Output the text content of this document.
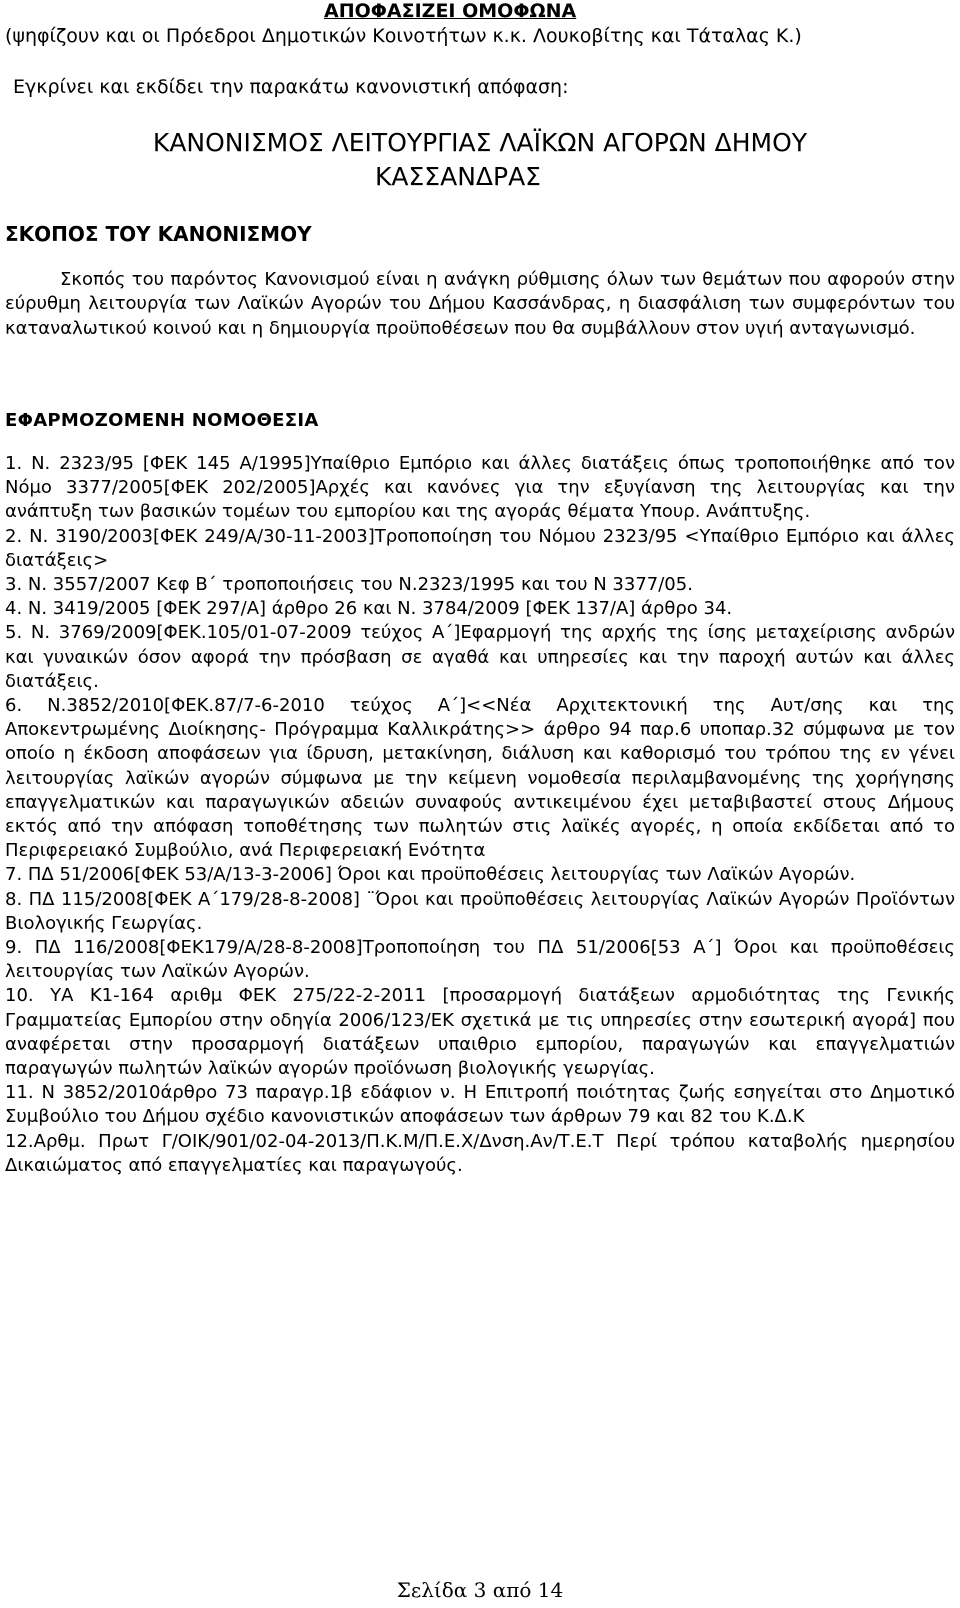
ΑΠΟΦΑΣΙΖΕΙ ΟΜΟΦΩΝΑ
(ψηφίζουν και οι Πρόεδροι Δημοτικών Κοινοτήτων κ.κ. Λουκοβίτης και Τάταλας Κ.)
Εγκρίνει και εκδίδει την παρακάτω κανονιστική απόφαση:
ΚΑΝΟΝΙΣΜΟΣ ΛΕΙΤΟΥΡΓΙΑΣ ΛΑΪΚΩΝ ΑΓΟΡΩΝ ΔΗΜΟΥ
ΚΑΣΣΑΝΔΡΑΣ
ΣΚΟΠΟΣ ΤΟΥ ΚΑΝΟΝΙΣΜΟΥ
Σκοπός του παρόντος Κανονισμού είναι η ανάγκη ρύθμισης όλων των θεμάτων που αφορούν στην εύρυθμη λειτουργία των Λαϊκών Αγορών του Δήμου Κασσάνδρας, η διασφάλιση των συμφερόντων του καταναλωτικού κοινού και η δημιουργία προϋποθέσεων που θα συμβάλλουν στον υγιή ανταγωνισμό.
ΕΦΑΡΜΟΖΟΜΕΝΗ ΝΟΜΟΘΕΣΙΑ

1. Ν. 2323/95 [ΦΕΚ 145 Α/1995]Υπαίθριο Εμπόριο και άλλες διατάξεις όπως τροποποιήθηκε από τον Νόμο 3377/2005[ΦΕΚ 202/2005]Αρχές και κανόνες για την εξυγίανση της λειτουργίας και την ανάπτυξη των βασικών τομέων του εμπορίου και της αγοράς θέματα Υπουρ. Ανάπτυξης.

2. Ν. 3190/2003[ΦΕΚ 249/Α/30-11-2003]Τροποποίηση του Νόμου 2323/95 <Υπαίθριο Εμπόριο και άλλες διατάξεις>

3. Ν. 3557/2007 Κεφ Β΄ τροποποιήσεις του Ν.2323/1995 και του Ν 3377/05.

4. Ν. 3419/2005 [ΦΕΚ 297/Α] άρθρο 26 και Ν. 3784/2009 [ΦΕΚ 137/Α] άρθρο 34.

5. Ν. 3769/2009[ΦΕΚ.105/01-07-2009 τεύχος Α΄]Εφαρμογή της αρχής της ίσης μεταχείρισης ανδρών και γυναικών όσον αφορά την πρόσβαση σε αγαθά και υπηρεσίες και την παροχή αυτών και άλλες διατάξεις.

6. Ν.3852/2010[ΦΕΚ.87/7-6-2010 τεύχος Α΄]<<Νέα Αρχιτεκτονική της Αυτ/σης και της Αποκεντρωμένης Διοίκησης- Πρόγραμμα Καλλικράτης>> άρθρο 94 παρ.6 υποπαρ.32 σύμφωνα με τον οποίο η έκδοση αποφάσεων για ίδρυση, μετακίνηση, διάλυση και καθορισμό του τρόπου της εν γένει λειτουργίας λαϊκών αγορών σύμφωνα με την κείμενη νομοθεσία περιλαμβανομένης της χορήγησης επαγγελματικών και παραγωγικών αδειών συναφούς αντικειμένου έχει μεταβιβαστεί στους Δήμους εκτός από την απόφαση τοποθέτησης των πωλητών στις λαϊκές αγορές, η οποία εκδίδεται από το Περιφερειακό Συμβούλιο, ανά Περιφερειακή Ενότητα

7. ΠΔ 51/2006[ΦΕΚ 53/Α/13-3-2006] Όροι και προϋποθέσεις λειτουργίας των Λαϊκών Αγορών.

8. ΠΔ 115/2008[ΦΕΚ Α΄179/28-8-2008] ¨Όροι και προϋποθέσεις λειτουργίας Λαϊκών Αγορών Προϊόντων Βιολογικής Γεωργίας.

9. ΠΔ 116/2008[ΦΕΚ179/Α/28-8-2008]Τροποποίηση του ΠΔ 51/2006[53 Α΄] Όροι και προϋποθέσεις λειτουργίας των Λαϊκών Αγορών.

10. ΥΑ Κ1-164 αριθμ ΦΕΚ 275/22-2-2011 [προσαρμογή διατάξεων αρμοδιότητας της Γενικής Γραμματείας Εμπορίου στην οδηγία 2006/123/ΕΚ σχετικά με τις υπηρεσίες στην εσωτερική αγορά] που αναφέρεται στην προσαρμογή διατάξεων υπαιθριο εμπορίου, παραγωγών και επαγγελματιών παραγωγών πωλητών λαϊκών αγορών προϊόνωση βιολογικής γεωργίας.

11. Ν 3852/2010άρθρο 73 παραγρ.1β εδάφιον ν. Η Επιτροπή ποιότητας ζωής εσηγείται στο Δημοτικό Συμβούλιο του Δήμου σχέδιο κανονιστικών αποφάσεων των άρθρων 79 και 82 του Κ.Δ.Κ

12.Αρθμ. Πρωτ Γ/ΟΙΚ/901/02-04-2013/Π.Κ.Μ/Π.Ε.Χ/Δνση.Αν/Τ.Ε.Τ Περί τρόπου καταβολής ημερησίου Δικαιώματος από επαγγελματίες και παραγωγούς.

Σελίδα 3 από 14
